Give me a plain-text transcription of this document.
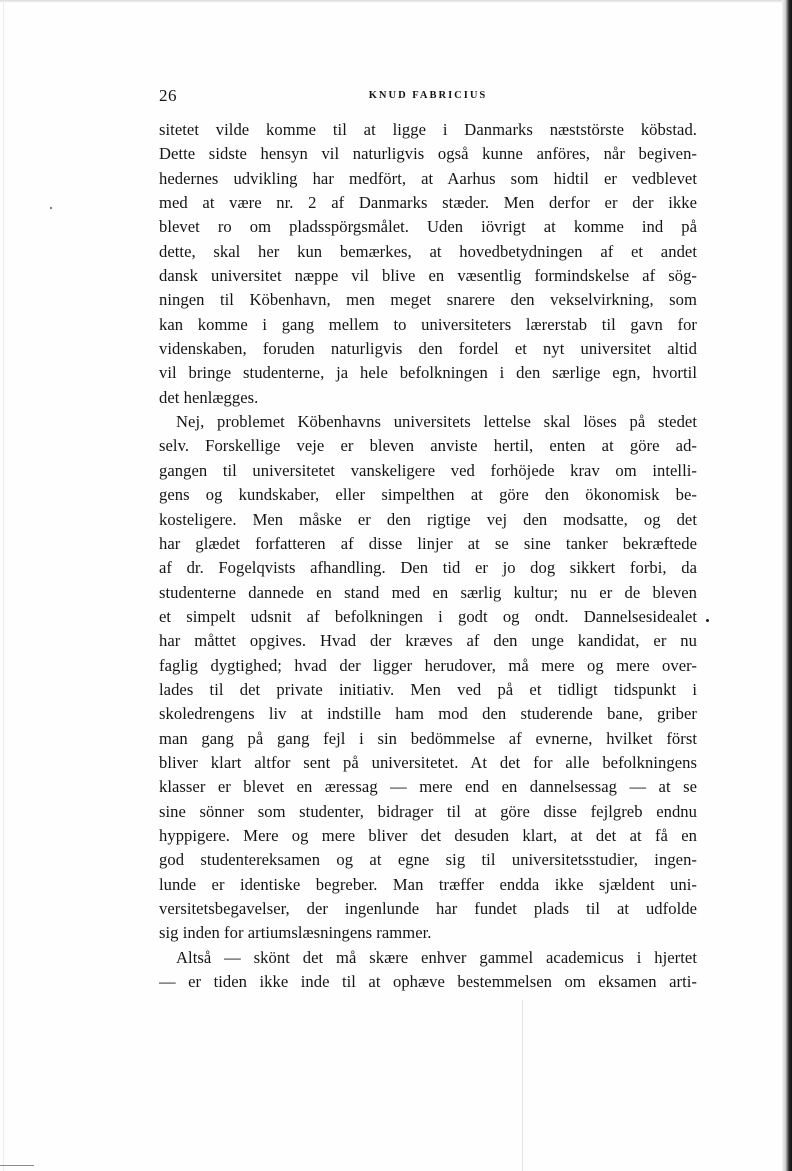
26	KNUD FABRICIUS
sitetet vilde komme til at ligge i Danmarks næststörste köbstad.
Dette sidste hensyn vil naturligvis også kunne anföres, når begiven-
hedernes udvikling har medfört, at Aarhus som hidtil er vedblevet
med at være nr. 2 af Danmarks stæder. Men derfor er der ikke
blevet ro om pladsspörgsmålet. Uden iövrigt at komme ind på
dette, skal her kun bemærkes, at hovedbetydningen af et andet
dansk universitet næppe vil blive en væsentlig formindskelse af sög-
ningen til Köbenhavn, men meget snarere den vekselvirkning, som
kan komme i gang mellem to universiteters lærerstab til gavn for
videnskaben, foruden naturligvis den fordel et nyt universitet altid
vil bringe studenterne, ja hele befolkningen i den særlige egn, hvortil
det henlægges.
Nej, problemet Köbenhavns universitets lettelse skal löses på stedet
selv. Forskellige veje er bleven anviste hertil, enten at göre ad-
gangen til universitetet vanskeligere ved forhöjede krav om intelli-
gens og kundskaber, eller simpelthen at göre den ökonomisk be-
kosteligere. Men måske er den rigtige vej den modsatte, og det
har glædet forfatteren af disse linjer at se sine tanker bekræftede
af dr. Fogelqvists afhandling. Den tid er jo dog sikkert forbi, da
studenterne dannede en stand med en særlig kultur; nu er de bleven
et simpelt udsnit af befolkningen i godt og ondt. Dannelsesidealet
har måttet opgives. Hvad der kræves af den unge kandidat, er nu
faglig dygtighed; hvad der ligger herudover, må mere og mere over-
lades til det private initiativ. Men ved på et tidligt tidspunkt i
skoledrengens liv at indstille ham mod den studerende bane, griber
man gang på gang fejl i sin bedömmelse af evnerne, hvilket först
bliver klart altfor sent på universitetet. At det for alle befolkningens
klasser er blevet en æressag — mere end en dannelsessag — at se
sine sönner som studenter, bidrager til at göre disse fejlgreb endnu
hyppigere. Mere og mere bliver det desuden klart, at det at få en
god studentereksamen og at egne sig til universitetsstudier, ingen-
lunde er identiske begreber. Man træffer endda ikke sjældent uni-
versitetsbegavelser, der ingenlunde har fundet plads til at udfolde
sig inden for artiumslæsningens rammer.
Altså — skönt det må skære enhver gammel academicus i hjertet
— er tiden ikke inde til at ophæve bestemmelsen om eksamen arti-
